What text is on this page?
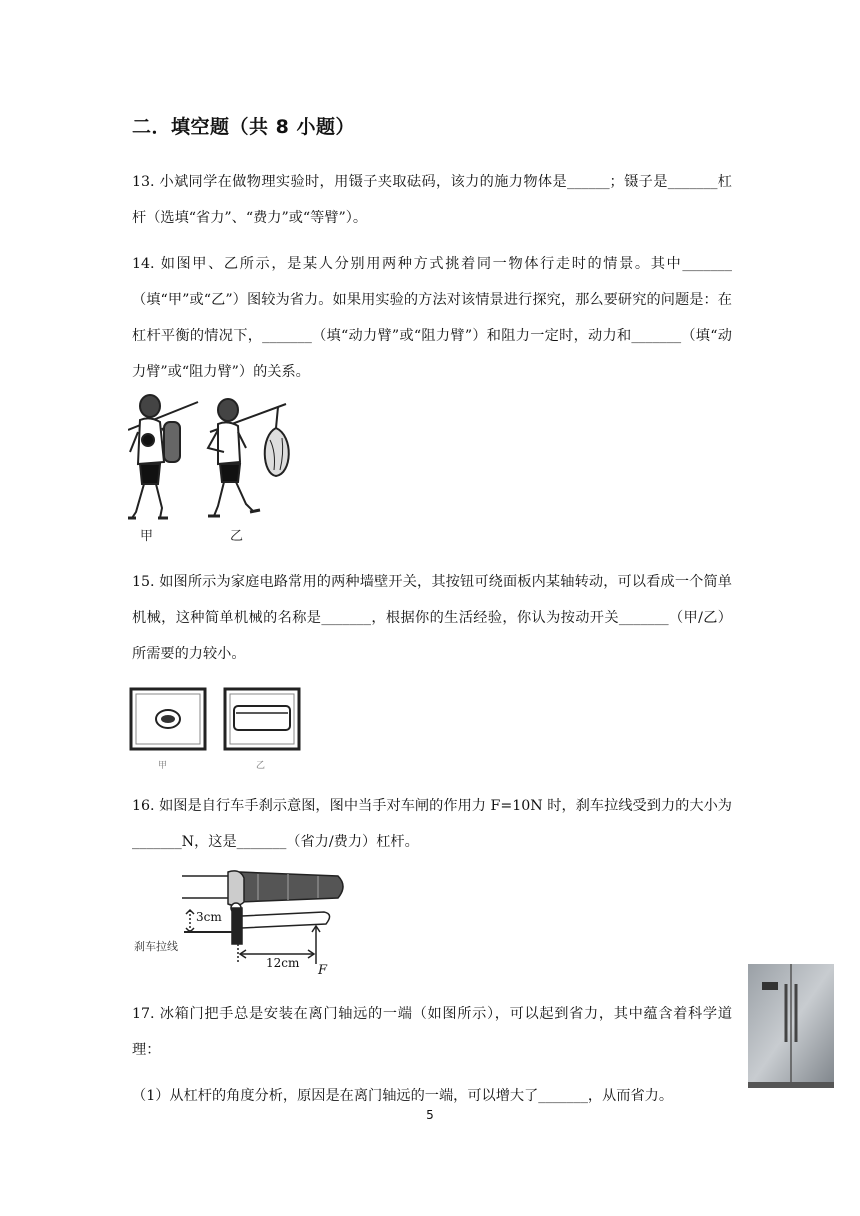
二．填空题（共 8 小题）
13. 小斌同学在做物理实验时，用镊子夹取砝码，该力的施力物体是______；镊子是_______杠杆（选填“省力”、“费力”或“等臂”）。
14. 如图甲、乙所示，是某人分别用两种方式挑着同一物体行走时的情景。其中_______（填“甲”或“乙”）图较为省力。如果用实验的方法对该情景进行探究，那么要研究的问题是：在杠杆平衡的情况下，_______（填“动力臂”或“阻力臂”）和阻力一定时，动力和_______（填“动力臂”或“阻力臂”）的关系。
甲	乙
15. 如图所示为家庭电路常用的两种墙壁开关，其按钮可绕面板内某轴转动，可以看成一个简单机械，这种简单机械的名称是_______，根据你的生活经验，你认为按动开关_______（甲/乙）所需要的力较小。
甲	乙
16. 如图是自行车手刹示意图，图中当手对车闸的作用力 F=10N 时，刹车拉线受到力的大小为_______N，这是_______（省力/费力）杠杆。
3cm
12cm F
刹车拉线
17. 冰箱门把手总是安装在离门轴远的一端（如图所示），可以起到省力，其中蕴含着科学道理：
（1）从杠杆的角度分析，原因是在离门轴远的一端，可以增大了_______，从而省力。
5
